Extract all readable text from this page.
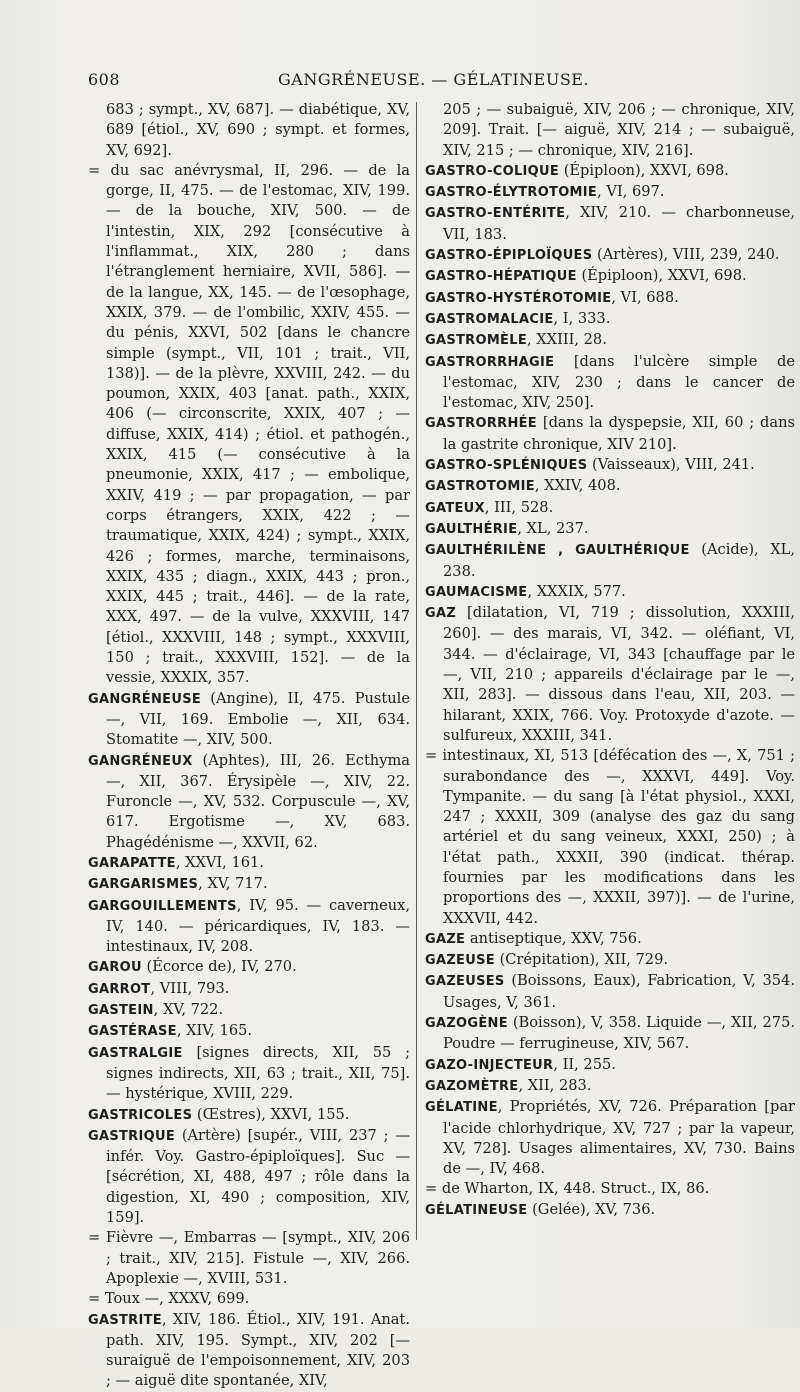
608	GANGRÉNEUSE. — GÉLATINEUSE.

683 ; sympt., XV, 687]. — diabétique, XV, 689 [étiol., XV, 690 ; sympt. et formes, XV, 692].

= du sac anévrysmal, II, 296. — de la gorge, II, 475. — de l'estomac, XIV, 199. — de la bouche, XIV, 500. — de l'intestin, XIX, 292 [consécutive à l'inflammat., XIX, 280 ; dans l'étranglement herniaire, XVII, 586]. — de la langue, XX, 145. — de l'œsophage, XXIX, 379. — de l'ombilic, XXIV, 455. — du pénis, XXVI, 502 [dans le chancre simple (sympt., VII, 101 ; trait., VII, 138)]. — de la plèvre, XXVIII, 242. — du poumon, XXIX, 403 [anat. path., XXIX, 406 (— circonscrite, XXIX, 407 ; — diffuse, XXIX, 414) ; étiol. et pathogén., XXIX, 415 (— consécutive à la pneumonie, XXIX, 417 ; — embolique, XXIV, 419 ; — par propagation, — par corps étrangers, XXIX, 422 ; — traumatique, XXIX, 424) ; sympt., XXIX, 426 ; formes, marche, terminaisons, XXIX, 435 ; diagn., XXIX, 443 ; pron., XXIX, 445 ; trait., 446]. — de la rate, XXX, 497. — de la vulve, XXXVIII, 147 [étiol., XXXVIII, 148 ; sympt., XXXVIII, 150 ; trait., XXXVIII, 152]. — de la vessie, XXXIX, 357.

GANGRÉNEUSE (Angine), II, 475. Pustule —, VII, 169. Embolie —, XII, 634. Stomatite —, XIV, 500.

GANGRÉNEUX (Aphtes), III, 26. Ecthyma —, XII, 367. Érysipèle —, XIV, 22. Furoncle —, XV, 532. Corpuscule —, XV, 617. Ergotisme —, XV, 683. Phagédénisme —, XXVII, 62.

GARAPATTE, XXVI, 161.

GARGARISMES, XV, 717.

GARGOUILLEMENTS, IV, 95. — caverneux, IV, 140. — péricardiques, IV, 183. — intestinaux, IV, 208.

GAROU (Écorce de), IV, 270.

GARROT, VIII, 793.

GASTEIN, XV, 722.

GASTÉRASE, XIV, 165.

GASTRALGIE [signes directs, XII, 55 ; signes indirects, XII, 63 ; trait., XII, 75]. — hystérique, XVIII, 229.

GASTRICOLES (Œstres), XXVI, 155.

GASTRIQUE (Artère) [supér., VIII, 237 ; — infér. Voy. Gastro-épiploïques]. Suc — [sécrétion, XI, 488, 497 ; rôle dans la digestion, XI, 490 ; composition, XIV, 159].

= Fièvre —, Embarras — [sympt., XIV, 206 ; trait., XIV, 215]. Fistule —, XIV, 266. Apoplexie —, XVIII, 531.

= Toux —, XXXV, 699.

GASTRITE, XIV, 186. Étiol., XIV, 191. Anat. path. XIV, 195. Sympt., XIV, 202 [— suraiguë de l'empoisonnement, XIV, 203 ; — aiguë dite spontanée, XIV,

205 ; — subaiguë, XIV, 206 ; — chronique, XIV, 209]. Trait. [— aiguë, XIV, 214 ; — subaiguë, XIV, 215 ; — chronique, XIV, 216].

GASTRO-COLIQUE (Épiploon), XXVI, 698.

GASTRO-ÉLYTROTOMIE, VI, 697.

GASTRO-ENTÉRITE, XIV, 210. — charbonneuse, VII, 183.

GASTRO-ÉPIPLOÏQUES (Artères), VIII, 239, 240.

GASTRO-HÉPATIQUE (Épiploon), XXVI, 698.

GASTRO-HYSTÉROTOMIE, VI, 688.

GASTROMALACIE, I, 333.

GASTROMÈLE, XXIII, 28.

GASTRORRHAGIE [dans l'ulcère simple de l'estomac, XIV, 230 ; dans le cancer de l'estomac, XIV, 250].

GASTRORRHÉE [dans la dyspepsie, XII, 60 ; dans la gastrite chronique, XIV 210].

GASTRO-SPLÉNIQUES (Vaisseaux), VIII, 241.

GASTROTOMIE, XXIV, 408.

GATEUX, III, 528.

GAULTHÉRIE, XL, 237.

GAULTHÉRILÈNE , GAULTHÉRIQUE (Acide), XL, 238.

GAUMACISME, XXXIX, 577.

GAZ [dilatation, VI, 719 ; dissolution, XXXIII, 260]. — des marais, VI, 342. — oléfiant, VI, 344. — d'éclairage, VI, 343 [chauffage par le —, VII, 210 ; appareils d'éclairage par le —, XII, 283]. — dissous dans l'eau, XII, 203. — hilarant, XXIX, 766. Voy. Protoxyde d'azote. — sulfureux, XXXIII, 341.

= intestinaux, XI, 513 [défécation des —, X, 751 ; surabondance des —, XXXVI, 449]. Voy. Tympanite. — du sang [à l'état physiol., XXXI, 247 ; XXXII, 309 (analyse des gaz du sang artériel et du sang veineux, XXXI, 250) ; à l'état path., XXXII, 390 (indicat. thérap. fournies par les modifications dans les proportions des —, XXXII, 397)]. — de l'urine, XXXVII, 442.

GAZE antiseptique, XXV, 756.

GAZEUSE (Crépitation), XII, 729.

GAZEUSES (Boissons, Eaux), Fabrication, V, 354. Usages, V, 361.

GAZOGÈNE (Boisson), V, 358. Liquide —, XII, 275. Poudre — ferrugineuse, XIV, 567.

GAZO-INJECTEUR, II, 255.

GAZOMÈTRE, XII, 283.

GÉLATINE, Propriétés, XV, 726. Préparation [par l'acide chlorhydrique, XV, 727 ; par la vapeur, XV, 728]. Usages alimentaires, XV, 730. Bains de —, IV, 468.

= de Wharton, IX, 448. Struct., IX, 86.

GÉLATINEUSE (Gelée), XV, 736.
